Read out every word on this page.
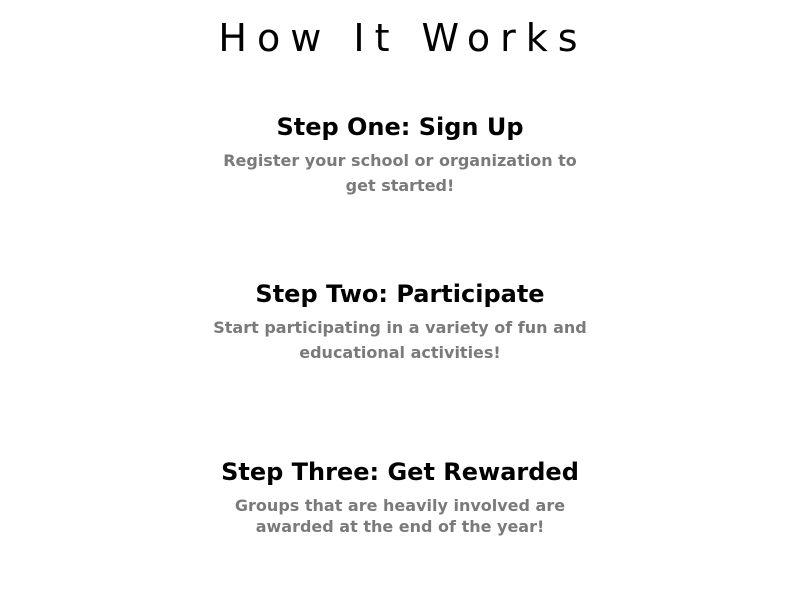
How It Works
Step One: Sign Up

Register your school or organization to get started!

Step Two: Participate

Start participating in a variety of fun and educational activities!

Step Three: Get Rewarded

Groups that are heavily involved are awarded at the end of the year!
